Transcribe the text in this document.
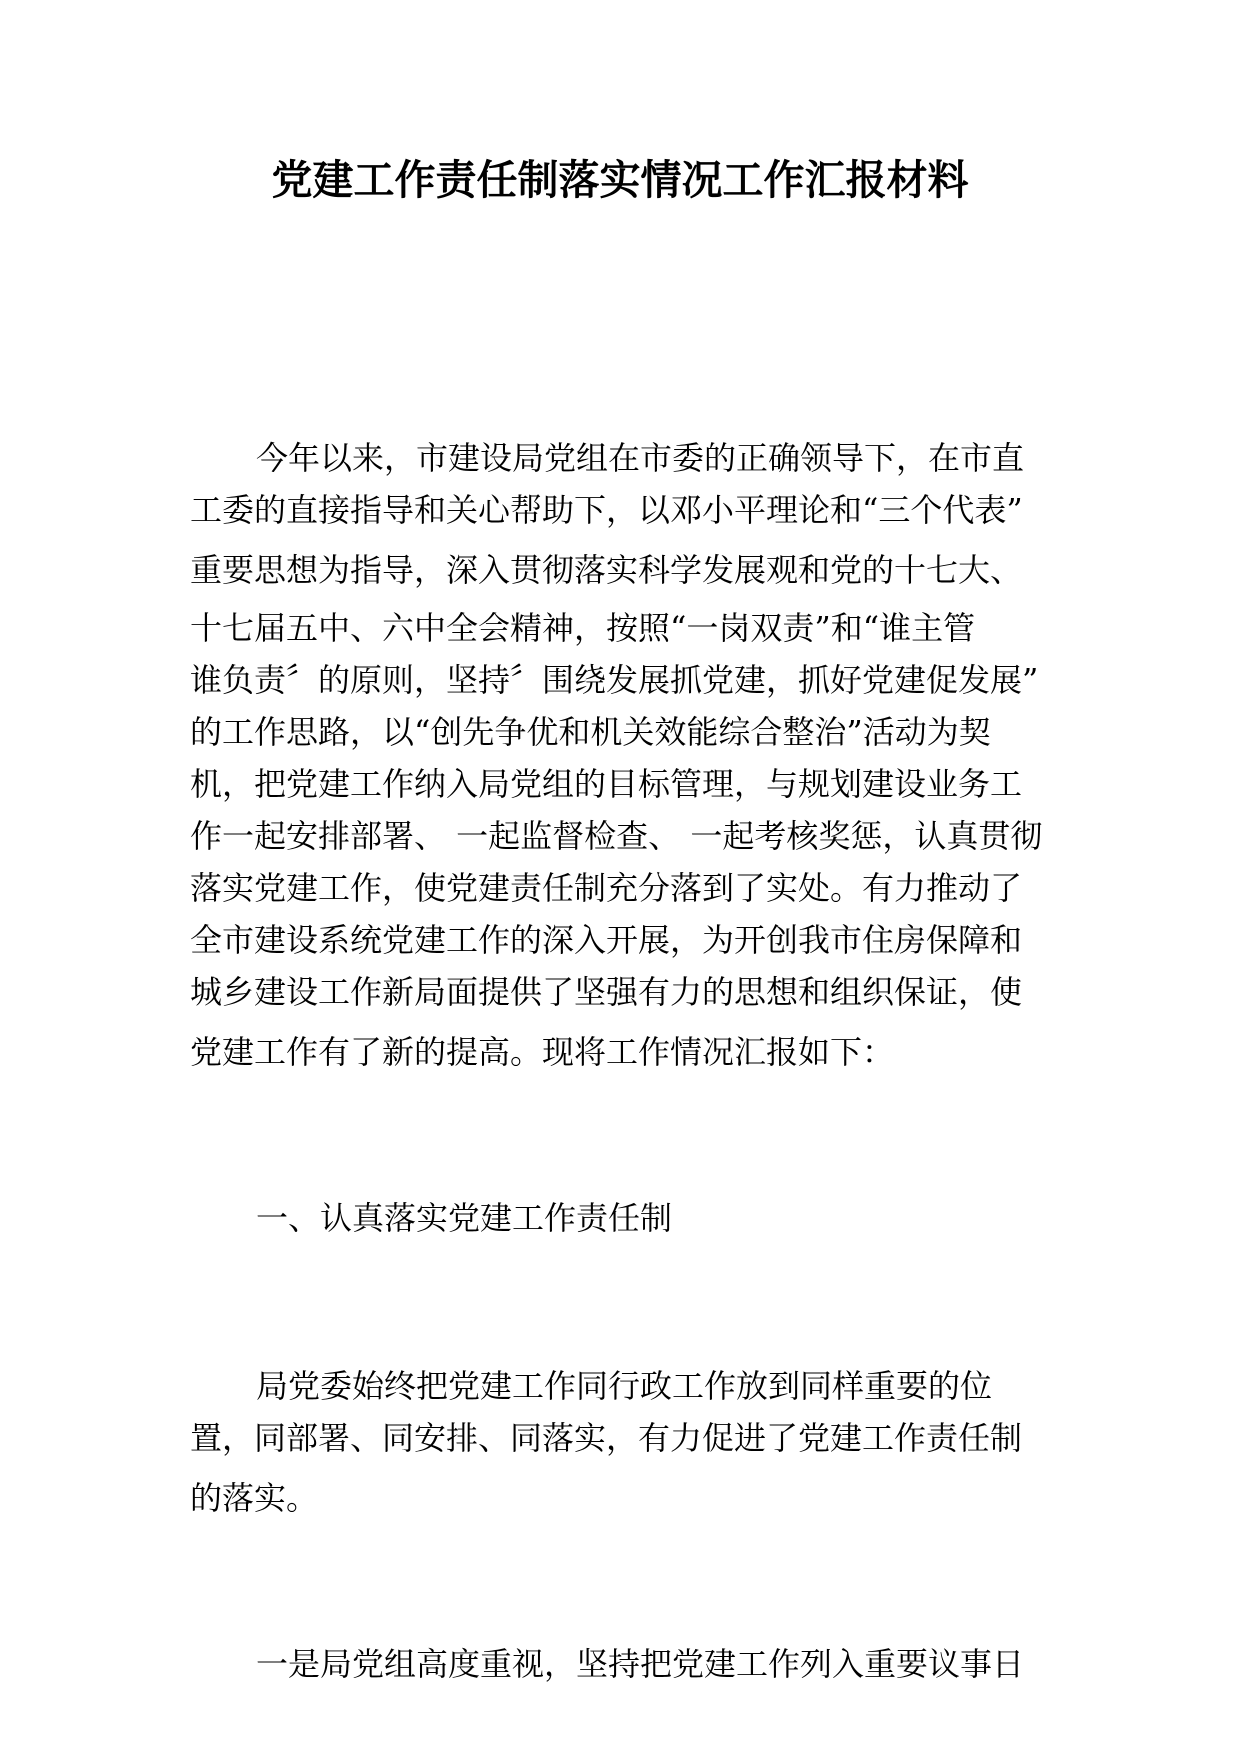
党建工作责任制落实情况工作汇报材料
今年以来，市建设局党组在市委的正确领导下，在市直
工委的直接指导和关心帮助下，以邓小平理论和“三个代表”
重要思想为指导，深入贯彻落实科学发展观和党的十七大、
十七届五中、六中全会精神，按照“一岗双责”和“谁主管
谁负责〞的原则，坚持〞围绕发展抓党建，抓好党建促发展”
的工作思路，以“创先争优和机关效能综合整治”活动为契
机，把党建工作纳入局党组的目标管理，与规划建设业务工
作一起安排部署、 一起监督检查、 一起考核奖惩，认真贯彻
落实党建工作，使党建责任制充分落到了实处。有力推动了
全市建设系统党建工作的深入开展，为开创我市住房保障和
城乡建设工作新局面提供了坚强有力的思想和组织保证，使
党建工作有了新的提高。现将工作情况汇报如下：
一、认真落实党建工作责任制
局党委始终把党建工作同行政工作放到同样重要的位
置，同部署、同安排、同落实，有力促进了党建工作责任制
的落实。
一是局党组高度重视，坚持把党建工作列入重要议事日
